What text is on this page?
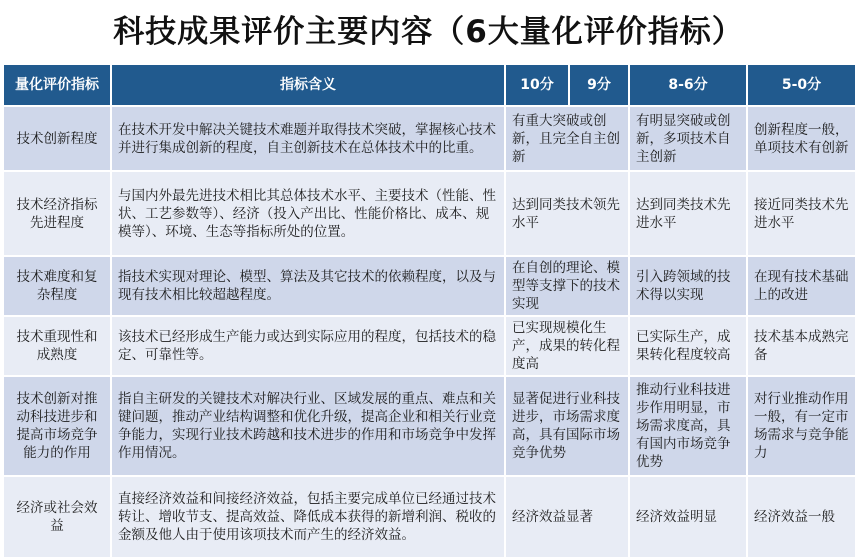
科技成果评价主要内容（6大量化评价指标）
量化评价指标	指标含义	10分	9分	8-6分	5-0分
技术创新程度	在技术开发中解决关键技术难题并取得技术突破，掌握核心技术并进行集成创新的程度，自主创新技术在总体技术中的比重。	有重大突破或创新，且完全自主创新		有明显突破或创新，多项技术自主创新	创新程度一般，单项技术有创新
技术经济指标先进程度	与国内外最先进技术相比其总体技术水平、主要技术（性能、性状、工艺参数等）、经济（投入产出比、性能价格比、成本、规模等）、环境、生态等指标所处的位置。	达到同类技术领先水平		达到同类技术先进水平	接近同类技术先进水平
技术难度和复杂程度	指技术实现对理论、模型、算法及其它技术的依赖程度，以及与现有技术相比较超越程度。	在自创的理论、模型等支撑下的技术实现		引入跨领域的技术得以实现	在现有技术基础上的改进
技术重现性和成熟度	该技术已经形成生产能力或达到实际应用的程度，包括技术的稳定、可靠性等。	已实现规模化生产，成果的转化程度高		已实际生产，成果转化程度较高	技术基本成熟完备
技术创新对推动科技进步和提高市场竞争能力的作用	指自主研发的关键技术对解决行业、区域发展的重点、难点和关键问题，推动产业结构调整和优化升级，提高企业和相关行业竞争能力，实现行业技术跨越和技术进步的作用和市场竞争中发挥作用情况。	显著促进行业科技进步，市场需求度高，具有国际市场竞争优势		推动行业科技进步作用明显，市场需求度高，具有国内市场竞争优势	对行业推动作用一般，有一定市场需求与竞争能力
经济或社会效益	直接经济效益和间接经济效益，包括主要完成单位已经通过技术转让、增收节支、提高效益、降低成本获得的新增利润、税收的金额及他人由于使用该项技术而产生的经济效益。	经济效益显著		经济效益明显	经济效益一般
